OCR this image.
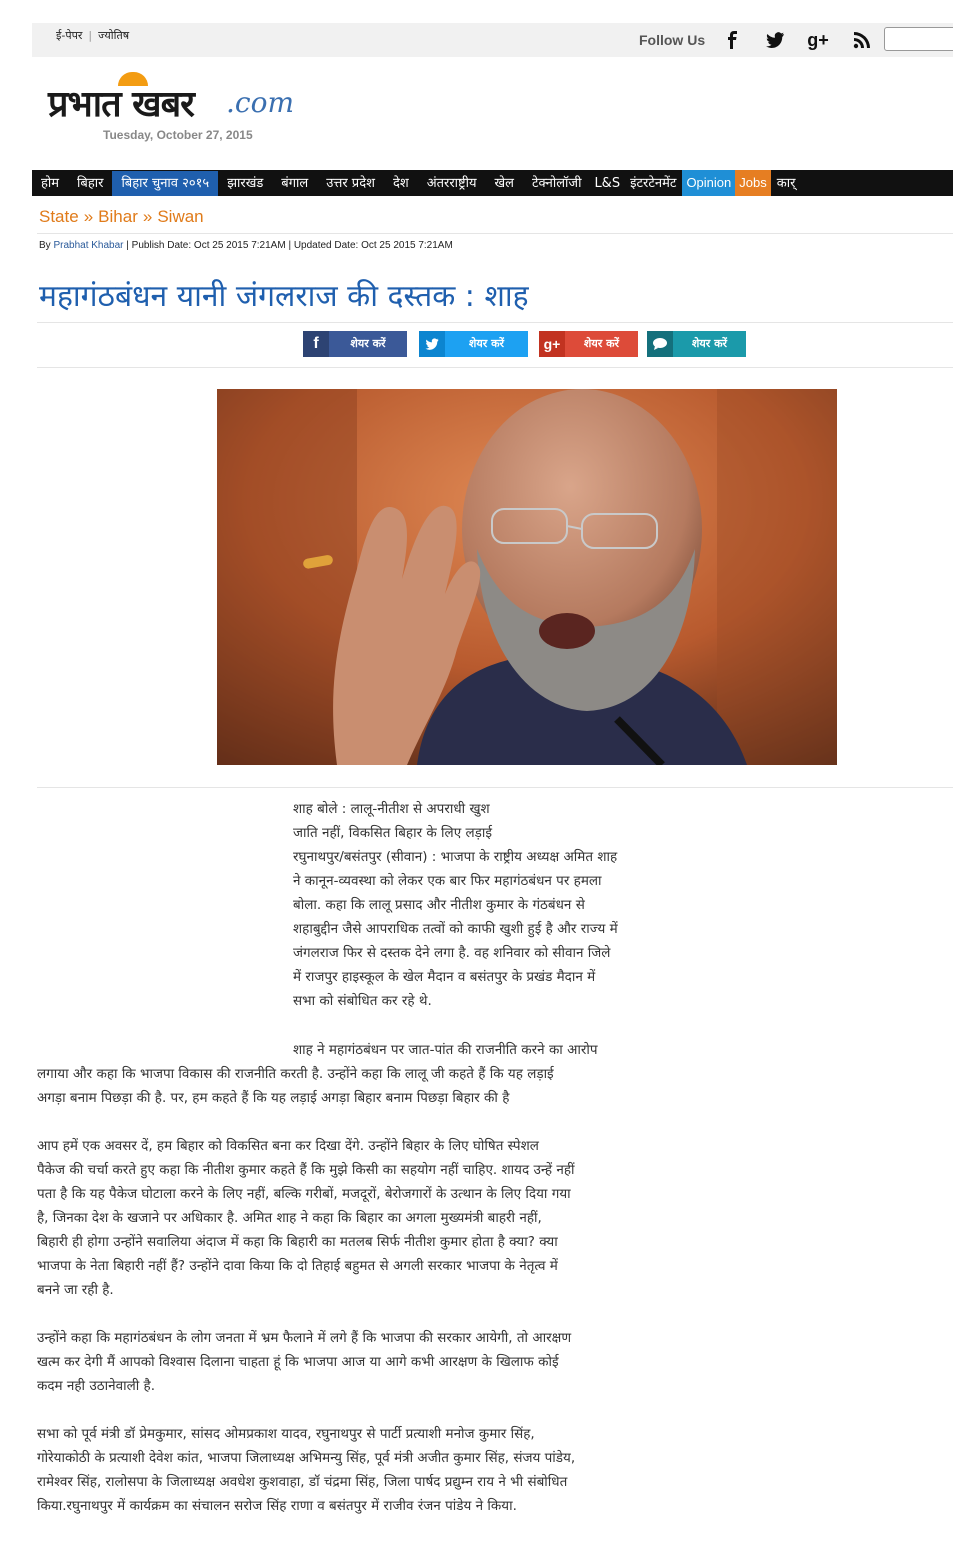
ई-पेपर | ज्योतिष	Follow Us	g+
प्रभात खबर .com
Tuesday, October 27, 2015
होम बिहार बिहार चुनाव २०१५ झारखंड बंगाल उत्तर प्रदेश देश अंतरराष्ट्रीय खेल टेक्नोलॉजी L&S इंटरटेनमेंट Opinion Jobs कार्
State » Bihar » Siwan
By Prabhat Khabar | Publish Date: Oct 25 2015 7:21AM | Updated Date: Oct 25 2015 7:21AM
महागंठबंधन यानी जंगलराज की दस्तक : शाह
f	शेयर करें	शेयर करें	g+	शेयर करें	शेयर करें
शाह बोले : लालू-नीतीश से अपराधी खुश
जाति नहीं, विकसित बिहार के लिए लड़ाई
रघुनाथपुर/बसंतपुर (सीवान) : भाजपा के राष्ट्रीय अध्यक्ष अमित शाह
ने कानून-व्यवस्था को लेकर एक बार फिर महागंठबंधन पर हमला
बोला. कहा कि लालू प्रसाद और नीतीश कुमार के गंठबंधन से
शहाबुद्दीन जैसे आपराधिक तत्वों को काफी खुशी हुई है और राज्य में
जंगलराज फिर से दस्तक देने लगा है. वह शनिवार को सीवान जिले
में राजपुर हाइस्कूल के खेल मैदान व बसंतपुर के प्रखंड मैदान में
सभा को संबोधित कर रहे थे.
शाह ने महागंठबंधन पर जात-पांत की राजनीति करने का आरोप
लगाया और कहा कि भाजपा विकास की राजनीति करती है. उन्होंने कहा कि लालू जी कहते हैं कि यह लड़ाई
अगड़ा बनाम पिछड़ा की है. पर, हम कहते हैं कि यह लड़ाई अगड़ा बिहार बनाम पिछड़ा बिहार की है
आप हमें एक अवसर दें, हम बिहार को विकसित बना कर दिखा देंगे. उन्होंने बिहार के लिए घोषित स्पेशल
पैकेज की चर्चा करते हुए कहा कि नीतीश कुमार कहते हैं कि मुझे किसी का सहयोग नहीं चाहिए. शायद उन्हें नहीं
पता है कि यह पैकेज घोटाला करने के लिए नहीं, बल्कि गरीबों, मजदूरों, बेरोजगारों के उत्थान के लिए दिया गया
है, जिनका देश के खजाने पर अधिकार है. अमित शाह ने कहा कि बिहार का अगला मुख्यमंत्री बाहरी नहीं,
बिहारी ही होगा उन्होंने सवालिया अंदाज में कहा कि बिहारी का मतलब सिर्फ नीतीश कुमार होता है क्या? क्या
भाजपा के नेता बिहारी नहीं हैं? उन्होंने दावा किया कि दो तिहाई बहुमत से अगली सरकार भाजपा के नेतृत्व में
बनने जा रही है.
उन्होंने कहा कि महागंठबंधन के लोग जनता में भ्रम फैलाने में लगे हैं कि भाजपा की सरकार आयेगी, तो आरक्षण
खत्म कर देगी मैं आपको विश्वास दिलाना चाहता हूं कि भाजपा आज या आगे कभी आरक्षण के खिलाफ कोई
कदम नही उठानेवाली है.
सभा को पूर्व मंत्री डॉ प्रेमकुमार, सांसद ओमप्रकाश यादव, रघुनाथपुर से पार्टी प्रत्याशी मनोज कुमार सिंह,
गोरेयाकोठी के प्रत्याशी देवेश कांत, भाजपा जिलाध्यक्ष अभिमन्यु सिंह, पूर्व मंत्री अजीत कुमार सिंह, संजय पांडेय,
रामेश्वर सिंह, रालोसपा के जिलाध्यक्ष अवधेश कुशवाहा, डॉ चंद्रमा सिंह, जिला पार्षद प्रद्युम्न राय ने भी संबोधित
किया.रघुनाथपुर में कार्यक्रम का संचालन सरोज सिंह राणा व बसंतपुर में राजीव रंजन पांडेय ने किया.
